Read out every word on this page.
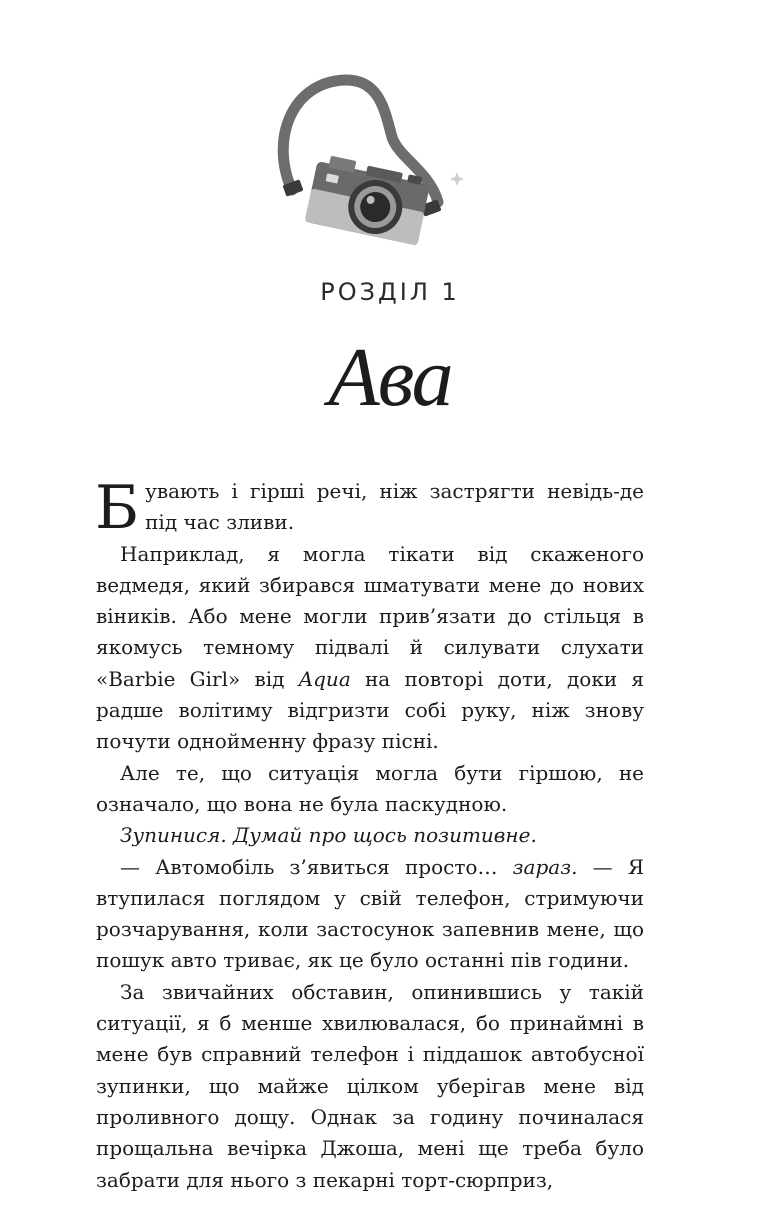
РОЗДІЛ 1
Ава

Бувають і гірші речі, ніж застрягти невідь-де під час зливи.

Наприклад, я могла тікати від скаженого ведмедя, який збирався шматувати мене до нових віників. Або мене могли прив’язати до стільця в якомусь темному підвалі й силувати слухати «Barbie Girl» від Aqua на повторі доти, доки я радше волітиму відгризти собі руку, ніж знову почути однойменну фразу пісні.

Але те, що ситуація могла бути гіршою, не означало, що вона не була паскудною.

Зупинися. Думай про щось позитивне.

— Автомобіль з’явиться просто… зараз. — Я втупилася поглядом у свій телефон, стримуючи розчарування, коли застосунок запевнив мене, що пошук авто триває, як це було останні пів години.

За звичайних обставин, опинившись у такій ситуації, я б менше хвилювалася, бо принаймні в мене був справний телефон і піддашок автобусної зупинки, що майже цілком уберігав мене від проливного дощу. Однак за годину починалася прощальна вечірка Джоша, мені ще треба було забрати для нього з пекарні торт-сюрприз,
